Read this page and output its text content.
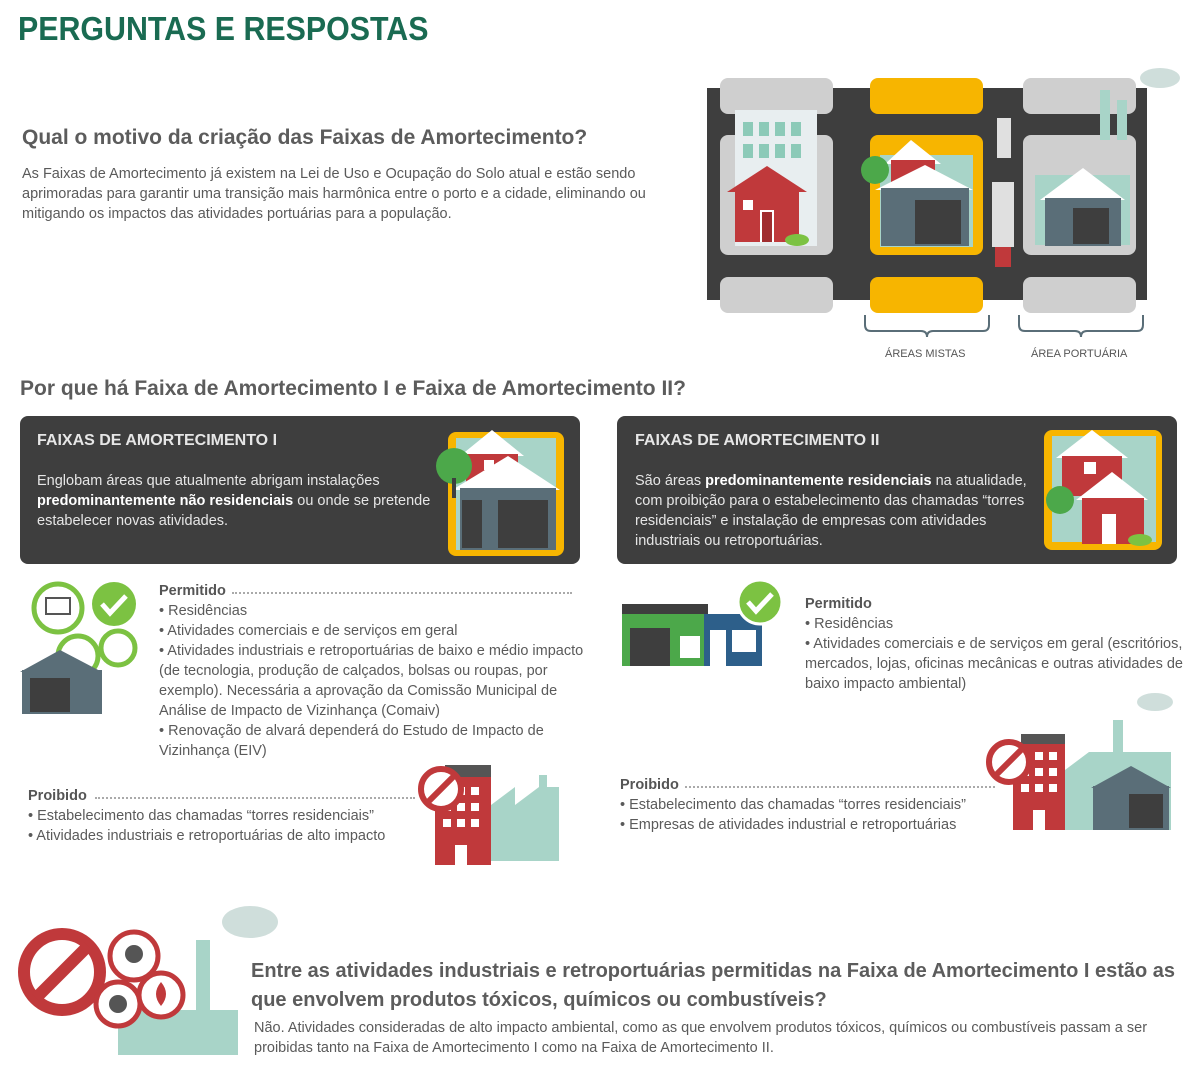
PERGUNTAS E RESPOSTAS
Qual o motivo da criação das Faixas de Amortecimento?
As Faixas de Amortecimento já existem na Lei de Uso e Ocupação do Solo atual e estão sendo aprimoradas para garantir uma transição mais harmônica entre o porto e a cidade, eliminando ou mitigando os impactos das atividades portuárias para a população.
ÁREAS MISTAS	ÁREA PORTUÁRIA
Por que há Faixa de Amortecimento I e Faixa de Amortecimento II?
FAIXAS DE AMORTECIMENTO I
Englobam áreas que atualmente abrigam instalações predominantemente não residenciais ou onde se pretende estabelecer novas atividades.
FAIXAS DE AMORTECIMENTO II
São áreas predominantemente residenciais na atualidade, com proibição para o estabelecimento das chamadas “torres residenciais” e instalação de empresas com atividades industriais ou retroportuárias.
Permitido
• Residências
• Atividades comerciais e de serviços em geral
• Atividades industriais e retroportuárias de baixo e médio impacto (de tecnologia, produção de calçados, bolsas ou roupas, por exemplo). Necessária a aprovação da Comissão Municipal de Análise de Impacto de Vizinhança (Comaiv)
• Renovação de alvará dependerá do Estudo de Impacto de Vizinhança (EIV)
Proibido
• Estabelecimento das chamadas “torres residenciais”
• Atividades industriais e retroportuárias de alto impacto
Permitido
• Residências
• Atividades comerciais e de serviços em geral (escritórios, mercados, lojas, oficinas mecânicas e outras atividades de baixo impacto ambiental)
Proibido
• Estabelecimento das chamadas “torres residenciais”
• Empresas de atividades industrial e retroportuárias
Entre as atividades industriais e retroportuárias permitidas na Faixa de Amortecimento I estão as que envolvem produtos tóxicos, químicos ou combustíveis?
Não. Atividades consideradas de alto impacto ambiental, como as que envolvem produtos tóxicos, químicos ou combustíveis passam a ser proibidas tanto na Faixa de Amortecimento I como na Faixa de Amortecimento II.
